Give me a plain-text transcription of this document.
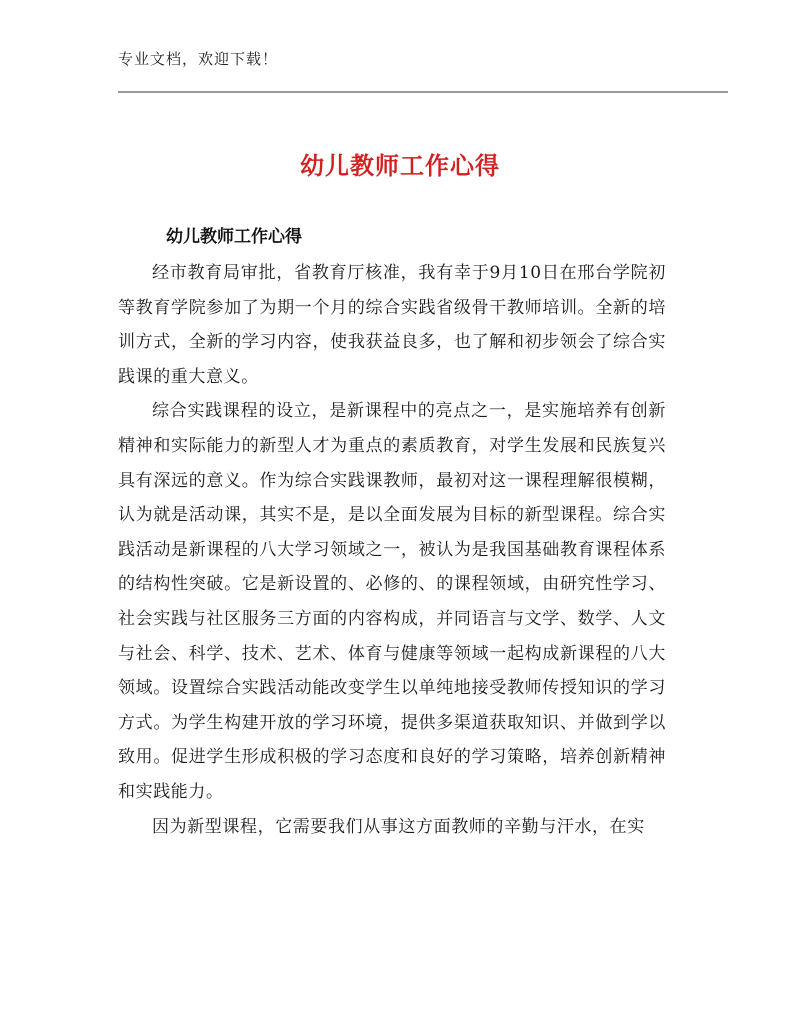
专业文档，欢迎下载！
幼儿教师工作心得
幼儿教师工作心得

经市教育局审批，省教育厅核准，我有幸于9月10日在邢台学院初等教育学院参加了为期一个月的综合实践省级骨干教师培训。全新的培训方式，全新的学习内容，使我获益良多，也了解和初步领会了综合实践课的重大意义。

综合实践课程的设立，是新课程中的亮点之一，是实施培养有创新精神和实际能力的新型人才为重点的素质教育，对学生发展和民族复兴具有深远的意义。作为综合实践课教师，最初对这一课程理解很模糊，认为就是活动课，其实不是，是以全面发展为目标的新型课程。综合实践活动是新课程的八大学习领域之一，被认为是我国基础教育课程体系的结构性突破。它是新设置的、必修的、的课程领域，由研究性学习、社会实践与社区服务三方面的内容构成，并同语言与文学、数学、人文与社会、科学、技术、艺术、体育与健康等领域一起构成新课程的八大领域。设置综合实践活动能改变学生以单纯地接受教师传授知识的学习方式。为学生构建开放的学习环境，提供多渠道获取知识、并做到学以致用。促进学生形成积极的学习态度和良好的学习策略，培养创新精神和实践能力。

因为新型课程，它需要我们从事这方面教师的辛勤与汗水，在实
